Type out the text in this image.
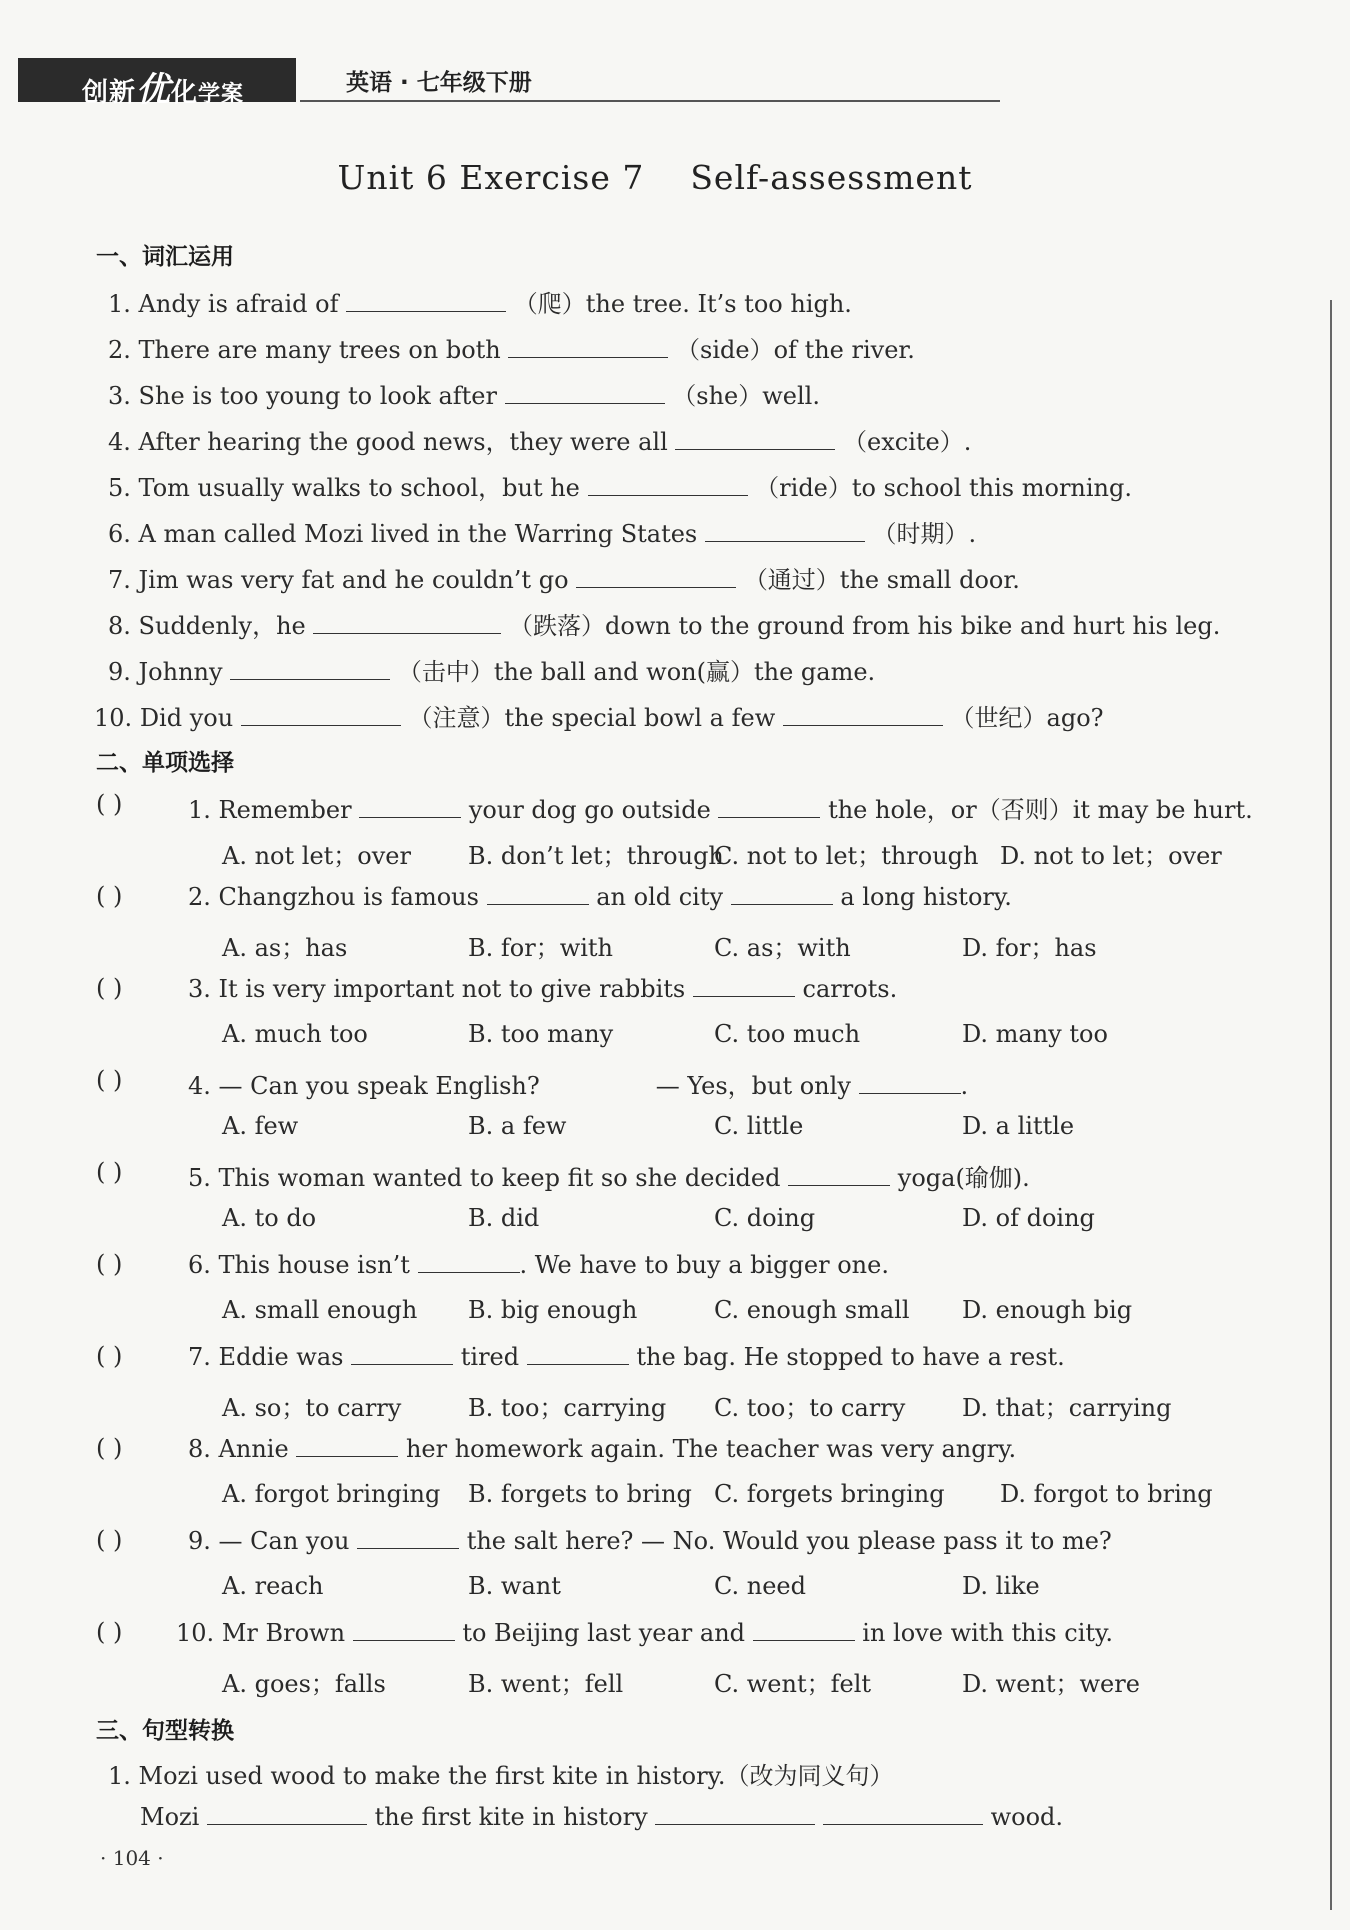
创新优化学案	英语 · 七年级下册
Unit 6 Exercise 7    Self-assessment
一、词汇运用
1. Andy is afraid of	（爬）the tree. It’s too high.
2. There are many trees on both	（side）of the river.
3. She is too young to look after	（she）well.
4. After hearing the good news，they were all	（excite）.
5. Tom usually walks to school，but he	（ride）to school this morning.
6. A man called Mozi lived in the Warring States	（时期）.
7. Jim was very fat and he couldn’t go	（通过）the small door.
8. Suddenly，he	（跌落）down to the ground from his bike and hurt his leg.
9. Johnny	（击中）the ball and won(赢）the game.
10. Did you	（注意）the special bowl a few	（世纪）ago?
二、单项选择
( )	1. Remember	your dog go outside	the hole，or（否则）it may be hurt.
A. not let；over B. don’t let；through
C. not to let；through D. not to let；over
( )	2. Changzhou is famous	an old city	a long history.
A. as；has	B. for；with	C. as；with	D. for；has
( )	3. It is very important not to give rabbits	carrots.
A. much too	B. too many	C. too much	D. many too
( )	4. — Can you speak English?	— Yes，but only	.
A. few	B. a few	C. little	D. a little
( )	5. This woman wanted to keep fit so she decided	yoga(瑜伽).
A. to do	B. did	C. doing	D. of doing
( )	6. This house isn’t	. We have to buy a bigger one.
A. small enough B. big enough	C. enough small D. enough big
( )	7. Eddie was	tired	the bag. He stopped to have a rest.
A. so；to carry	B. too；carrying C. too；to carry D. that；carrying
( )	8. Annie	her homework again. The teacher was very angry.
A. forgot bringing B. forgets to bring C. forgets bringing D. forgot to bring
( )	9. — Can you	the salt here? — No. Would you please pass it to me?
A. reach	B. want	C. need	D. like
( ) 10. Mr Brown	to Beijing last year and	in love with this city.
A. goes；falls	B. went；fell	C. went；felt	D. went；were
三、句型转换
1. Mozi used wood to make the first kite in history.（改为同义句）
Mozi	the first kite in history	wood.
· 104 ·
